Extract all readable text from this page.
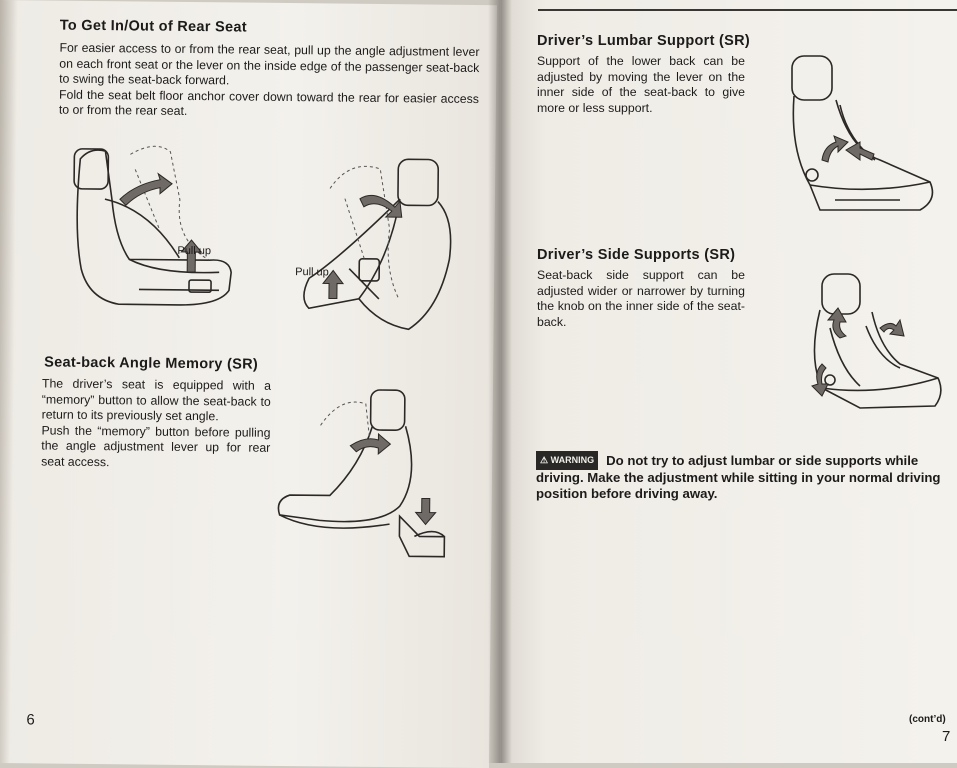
To Get In/Out of Rear Seat

For easier access to or from the rear seat, pull up the angle adjustment lever on each front seat or the lever on the inside edge of the passenger seat-back to swing the seat-back forward.

Fold the seat belt floor anchor cover down toward the rear for easier access to or from the rear seat.

Pull up
Pull up
Seat-back Angle Memory (SR)

The driver’s seat is equipped with a “memory” button to allow the seat-back to return to its previously set angle.

Push the “memory” button before pulling the angle adjustment lever up for rear seat access.

6
Driver’s Lumbar Support (SR)
Support of the lower back can be adjusted by moving the lever on the inner side of the seat-back to give more or less support.
Driver’s Side Supports (SR)
Seat-back side support can be adjusted wider or narrower by turning the knob on the inner side of the seat-back.
⚠ WARNING Do not try to adjust lumbar or side supports while driving. Make the adjustment while sitting in your normal driving position before driving away.
(cont’d)
7
